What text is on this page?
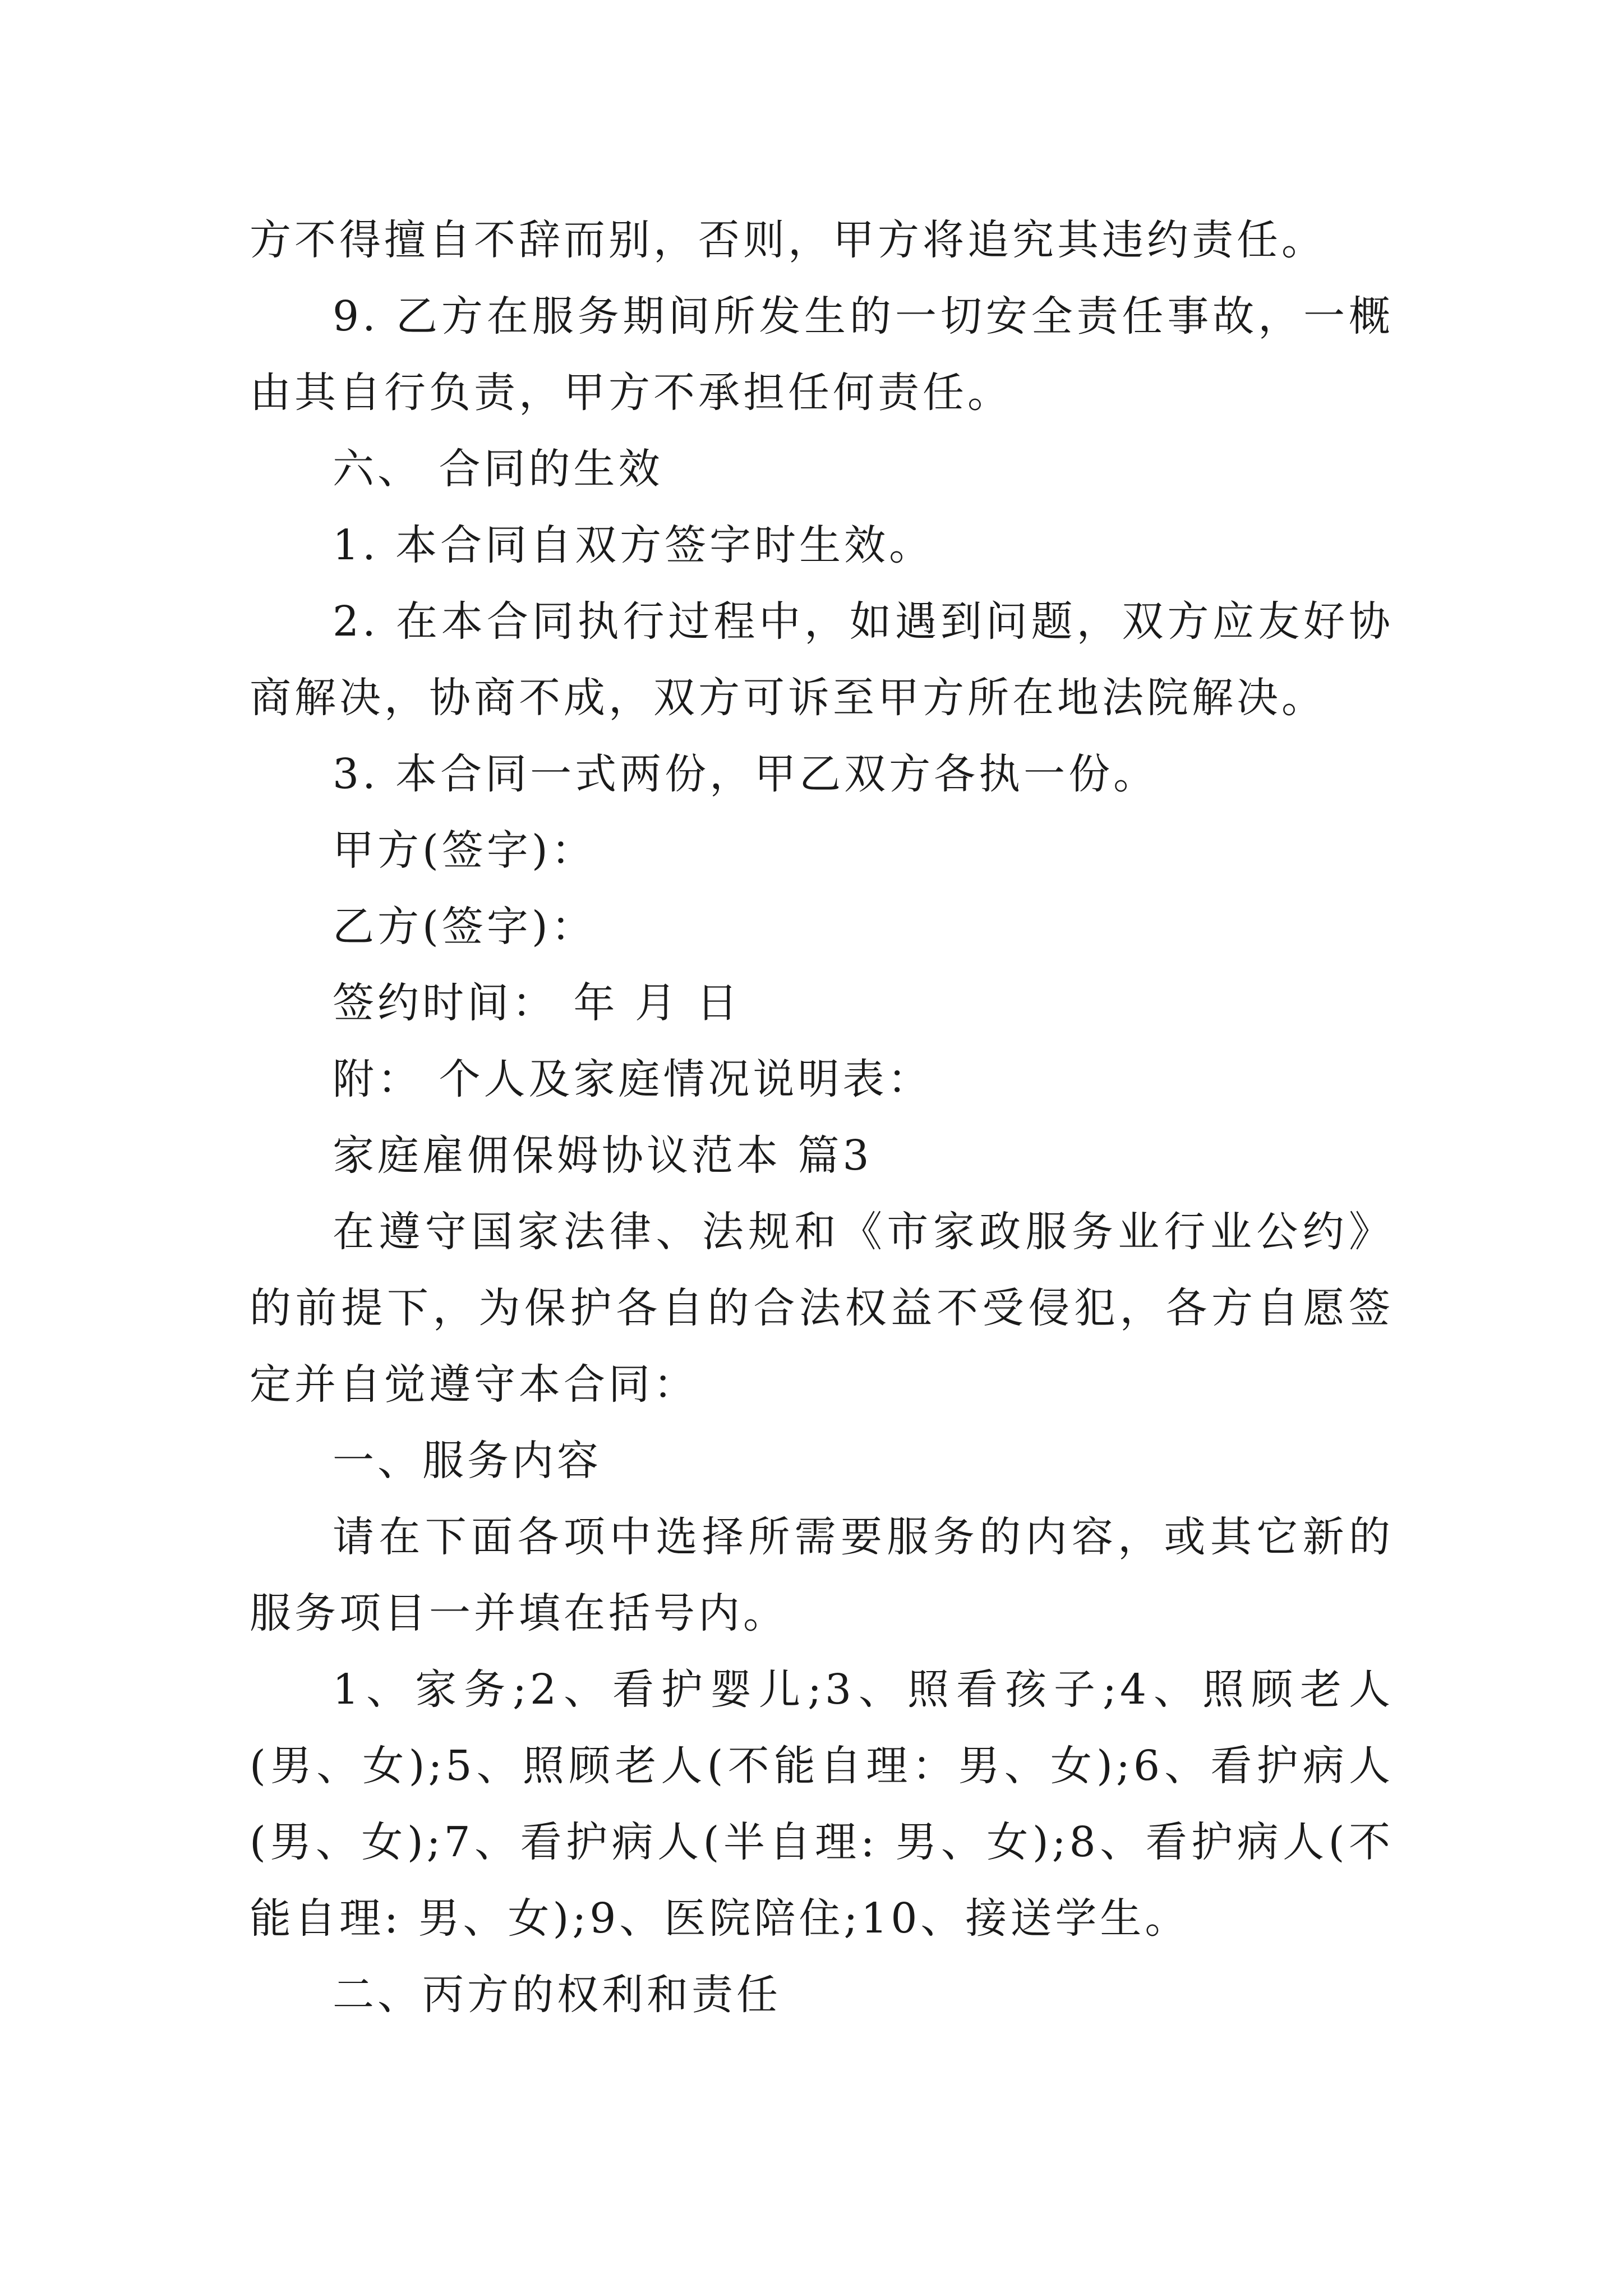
方不得擅自不辞而别，否则，甲方将追究其违约责任。

9. 乙方在服务期间所发生的一切安全责任事故，一概由其自行负责，甲方不承担任何责任。

六、 合同的生效

1. 本合同自双方签字时生效。

2. 在本合同执行过程中，如遇到问题，双方应友好协商解决，协商不成，双方可诉至甲方所在地法院解决。

3. 本合同一式两份，甲乙双方各执一份。

甲方(签字)：

乙方(签字)：

签约时间： 年 月 日

附： 个人及家庭情况说明表：

家庭雇佣保姆协议范本 篇3

在遵守国家法律、法规和《市家政服务业行业公约》的前提下，为保护各自的合法权益不受侵犯，各方自愿签定并自觉遵守本合同：

一、服务内容

请在下面各项中选择所需要服务的内容，或其它新的服务项目一并填在括号内。

1、家务;2、看护婴儿;3、照看孩子;4、照顾老人(男、女);5、照顾老人(不能自理：男、女);6、看护病人(男、女);7、看护病人(半自理: 男、女);8、看护病人(不能自理: 男、女);9、医院陪住;10、接送学生。

二、丙方的权利和责任
